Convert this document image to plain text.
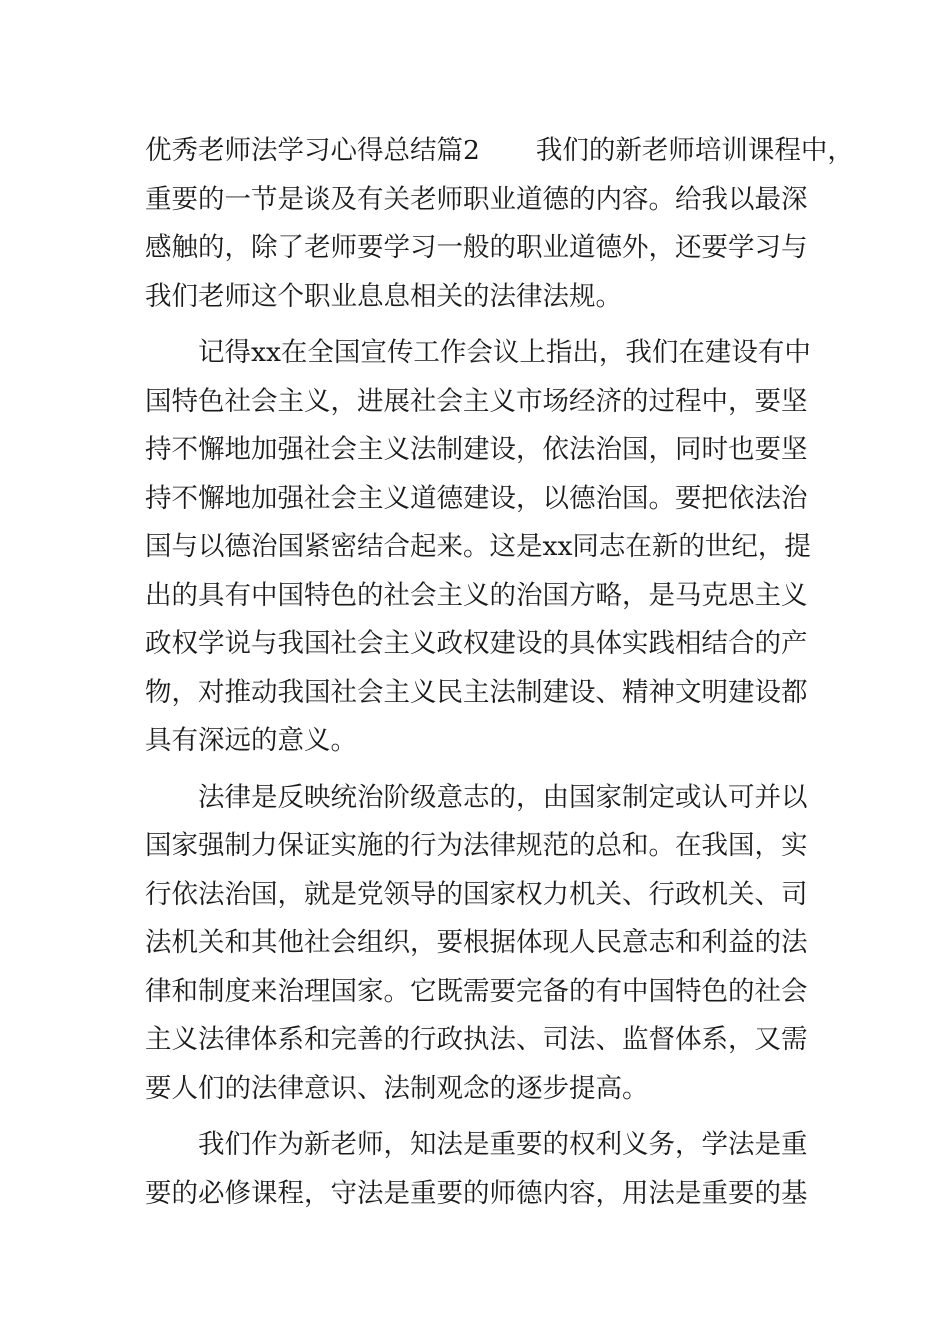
优秀老师法学习心得总结篇2 我们的新老师培训课程中，
重要的一节是谈及有关老师职业道德的内容。给我以最深
感触的，除了老师要学习一般的职业道德外，还要学习与
我们老师这个职业息息相关的法律法规。
记得xx在全国宣传工作会议上指出，我们在建设有中
国特色社会主义，进展社会主义市场经济的过程中，要坚
持不懈地加强社会主义法制建设，依法治国，同时也要坚
持不懈地加强社会主义道德建设，以德治国。要把依法治
国与以德治国紧密结合起来。这是xx同志在新的世纪，提
出的具有中国特色的社会主义的治国方略，是马克思主义
政权学说与我国社会主义政权建设的具体实践相结合的产
物，对推动我国社会主义民主法制建设、精神文明建设都
具有深远的意义。
法律是反映统治阶级意志的，由国家制定或认可并以
国家强制力保证实施的行为法律规范的总和。在我国，实
行依法治国，就是党领导的国家权力机关、行政机关、司
法机关和其他社会组织，要根据体现人民意志和利益的法
律和制度来治理国家。它既需要完备的有中国特色的社会
主义法律体系和完善的行政执法、司法、监督体系，又需
要人们的法律意识、法制观念的逐步提高。
我们作为新老师，知法是重要的权利义务，学法是重
要的必修课程，守法是重要的师德内容，用法是重要的基
